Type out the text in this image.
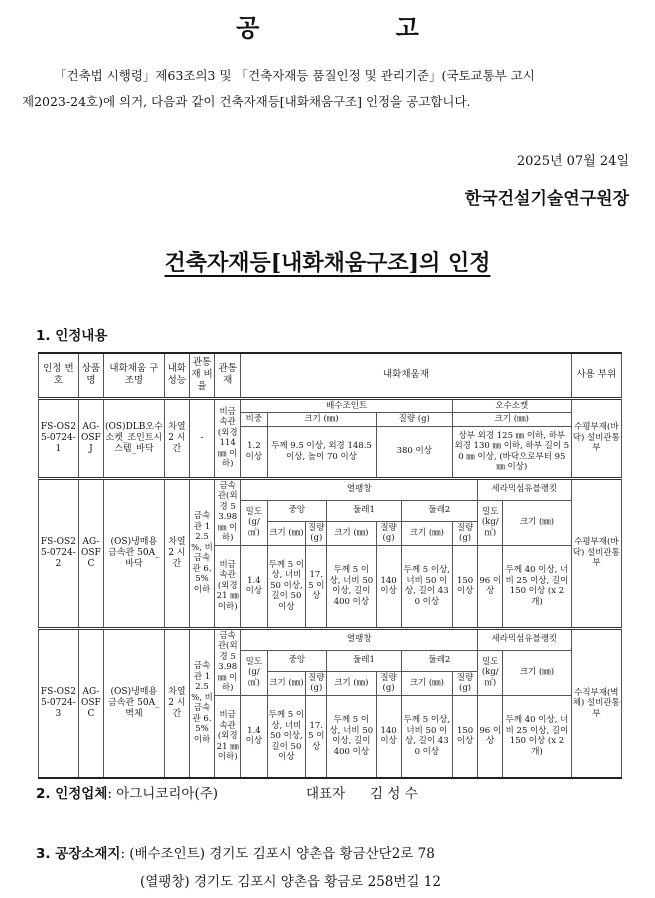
공 고
「건축법 시행령」제63조의3 및 「건축자재등 품질인정 및 관리기준」(국토교통부 고시
제2023-24호)에 의거, 다음과 같이 건축자재등[내화채움구조] 인정을 공고합니다.
2025년 07월 24일
한국건설기술연구원장
건축자재등[내화채움구조]의 인정
1. 인정내용
인정 번호	상품 명	내화채움 구조명	내화 성능	관통재 비율	관통재	내화채움재									사용 부위
FS-OS25-0724-1	AG-OSFJ	(OS)DLB오수소켓_조인트시스템_바닥	차열 2 시간	-	비금속관(외경 114 ㎜ 이하)	배수조인트						오수소켓			수평부재(바닥) 설비관통부
						비중	크기 (㎜)			질량 (g)		크기 (㎜)			
						1.2 이상	두께 9.5 이상, 외경 148.5 이상, 높이 70 이상			380 이상		상부 외경 125 ㎜ 이하, 하부 외경 130 ㎜ 이하, 하부 길이 50 ㎜ 이상, (바닥으로부터 95 ㎜ 이상)			
FS-OS25-0724-2	AG-OSFC	(OS)냉매용 금속관 50A_바닥	차열 2 시간	금속관 12.5 %, 비금속관 6.5% 이하	금속관(외경 53.98 ㎜ 이하)	열팽창							세라믹섬유블랭킷		수평부재(바닥) 설비관통부
						밀도 (g/㎤)	중앙		둘레1		둘레2		밀도 (kg/㎥)	크기 (㎜)	
							크기 (㎜)	질량 (g)	크기 (㎜)	질량 (g)	크기 (㎜)	질량 (g)			
					비금속관(외경 21 ㎜ 이하)	1.4 이상	두께 5 이상, 너비 50 이상, 길이 50 이상	17.5 이상	두께 5 이상, 너비 50 이상, 길이 400 이상	140 이상	두께 5 이상, 너비 50 이상, 길이 430 이상	150 이상	96 이상	두께 40 이상, 너비 25 이상, 길이150 이상 (x 2개)	
FS-OS25-0724-3	AG-OSFC	(OS)냉매용 금속관 50A_벽체	차열 2 시간	금속관 12.5 %, 비금속관 6.5% 이하	금속관(외경 53.98 ㎜ 이하)	열팽창							세라믹섬유블랭킷		수직부재(벽체) 설비관통부
						밀도 (g/㎤)	중앙		둘레1		둘레2		밀도 (kg/㎥)	크기 (㎜)	
							크기 (㎜)	질량 (g)	크기 (㎜)	질량 (g)	크기 (㎜)	질량 (g)			
					비금속관(외경 21 ㎜ 이하)	1.4 이상	두께 5 이상, 너비 50 이상, 길이 50 이상	17.5 이상	두께 5 이상, 너비 50 이상, 길이 400 이상	140 이상	두께 5 이상, 너비 50 이상, 길이 430 이상	150 이상	96 이상	두께 40 이상, 너비 25 이상, 길이150 이상 (x 2개)	
2. 인정업체: 아그니코리아(주)	대표자 김 성 수
3. 공장소재지: (배수조인트) 경기도 김포시 양촌읍 황금산단2로 78
(열팽창) 경기도 김포시 양촌읍 황금로 258번길 12
